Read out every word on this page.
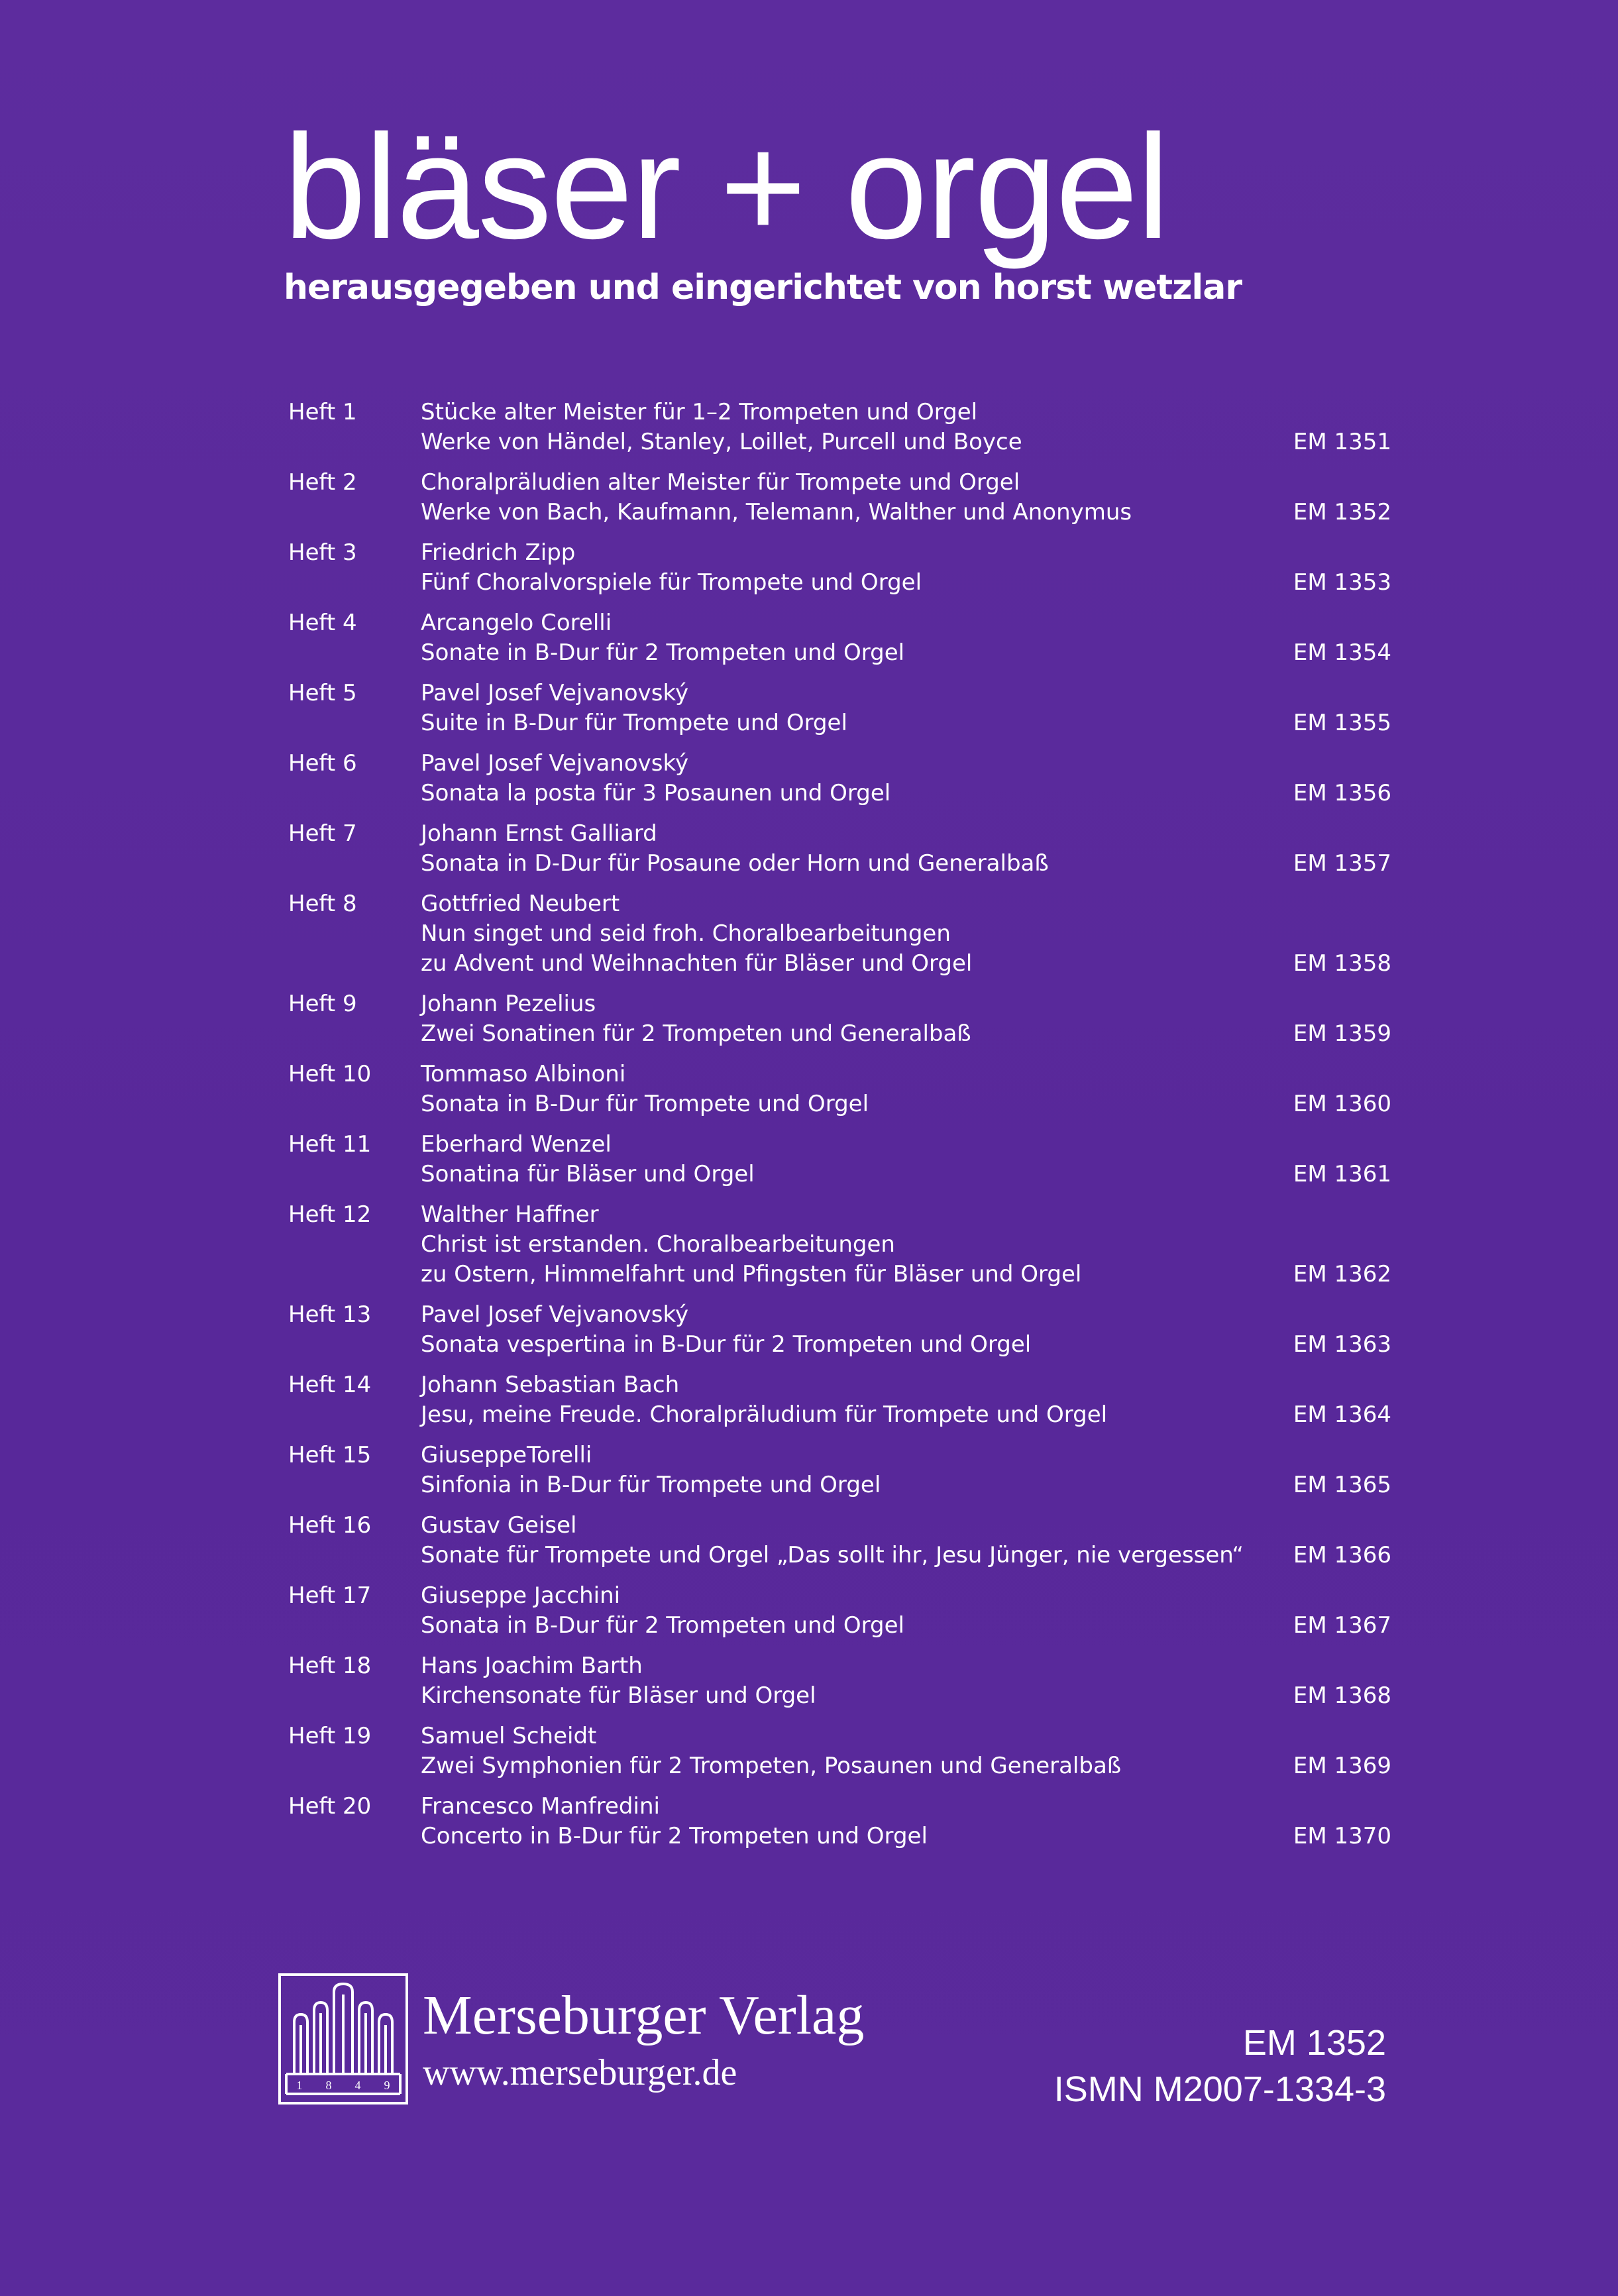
bläser + orgel
herausgegeben und eingerichtet von horst wetzlar
Heft 1	Stücke alter Meister für 1–2 Trompeten und Orgel
Werke von Händel, Stanley, Loillet, Purcell und Boyce	EM 1351
Heft 2	Choralpräludien alter Meister für Trompete und Orgel
Werke von Bach, Kaufmann, Telemann, Walther und Anonymus	EM 1352
Heft 3	Friedrich Zipp
Fünf Choralvorspiele für Trompete und Orgel	EM 1353
Heft 4	Arcangelo Corelli
Sonate in B-Dur für 2 Trompeten und Orgel	EM 1354
Heft 5	Pavel Josef Vejvanovský
Suite in B-Dur für Trompete und Orgel	EM 1355
Heft 6	Pavel Josef Vejvanovský
Sonata la posta für 3 Posaunen und Orgel	EM 1356
Heft 7	Johann Ernst Galliard
Sonata in D-Dur für Posaune oder Horn und Generalbaß	EM 1357
Heft 8	Gottfried Neubert
Nun singet und seid froh. Choralbearbeitungen
zu Advent und Weihnachten für Bläser und Orgel	EM 1358
Heft 9	Johann Pezelius
Zwei Sonatinen für 2 Trompeten und Generalbaß	EM 1359
Heft 10	Tommaso Albinoni
Sonata in B-Dur für Trompete und Orgel	EM 1360
Heft 11	Eberhard Wenzel
Sonatina für Bläser und Orgel	EM 1361
Heft 12	Walther Haffner
Christ ist erstanden. Choralbearbeitungen
zu Ostern, Himmelfahrt und Pfingsten für Bläser und Orgel	EM 1362
Heft 13	Pavel Josef Vejvanovský
Sonata vespertina in B-Dur für 2 Trompeten und Orgel	EM 1363
Heft 14	Johann Sebastian Bach
Jesu, meine Freude. Choralpräludium für Trompete und Orgel	EM 1364
Heft 15	GiuseppeTorelli
Sinfonia in B-Dur für Trompete und Orgel	EM 1365
Heft 16	Gustav Geisel
Sonate für Trompete und Orgel „Das sollt ihr, Jesu Jünger, nie vergessen“	EM 1366
Heft 17	Giuseppe Jacchini
Sonata in B-Dur für 2 Trompeten und Orgel	EM 1367
Heft 18	Hans Joachim Barth
Kirchensonate für Bläser und Orgel	EM 1368
Heft 19	Samuel Scheidt
Zwei Symphonien für 2 Trompeten, Posaunen und Generalbaß	EM 1369
Heft 20	Francesco Manfredini
Concerto in B-Dur für 2 Trompeten und Orgel	EM 1370
1 8 4 9
Merseburger Verlag
www.merseburger.de
EM 1352
ISMN M2007-1334-3
